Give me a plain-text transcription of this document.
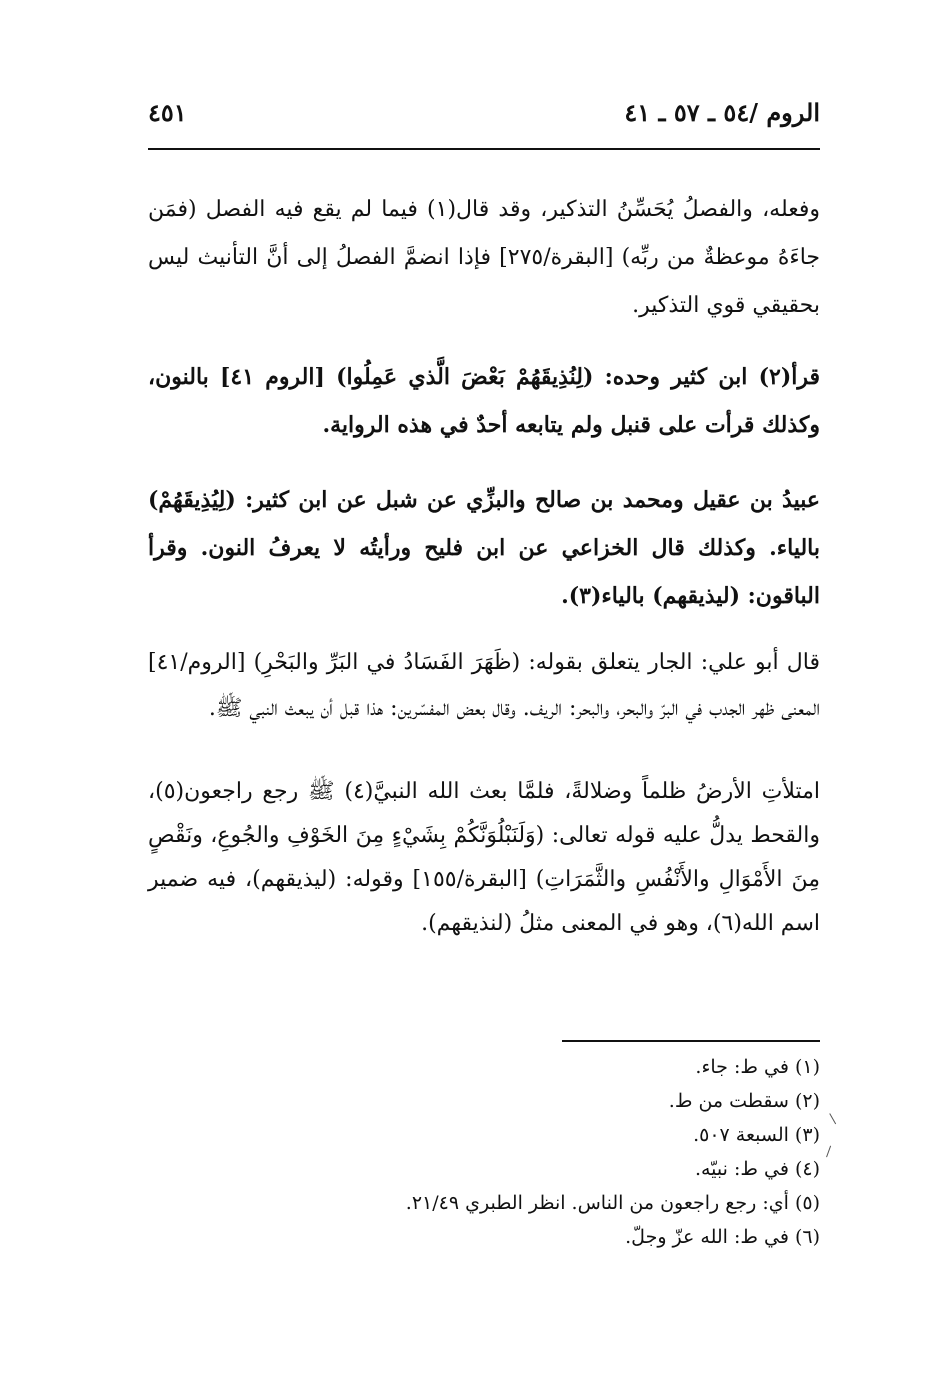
الروم /٥٤ ـ ٥٧ ـ ٤١
٤٥١
وفعله، والفصلُ يُحَسِّنُ التذكير، وقد قال(١) فيما لم يقع فيه الفصل (فمَن جاءَهُ موعظةٌ من ربِّه) [البقرة/٢٧٥] فإذا انضمَّ الفصلُ إلى أنَّ التأنيث ليس بحقيقي قوي التذكير.
قرأ(٢) ابن كثير وحده: (لِنُذِيقَهُمْ بَعْضَ الَّذي عَمِلُوا) [الروم ٤١] بالنون، وكذلك قرأت على قنبل ولم يتابعه أحدٌ في هذه الرواية.
عبيدُ بن عقيل ومحمد بن صالح والبزِّي عن شبل عن ابن كثير: (لِيُذِيقَهُمْ) بالياء. وكذلك قال الخزاعي عن ابن فليح ورأيتُه لا يعرفُ النون. وقرأ الباقون: (ليذيقهم) بالياء(٣).
قال أبو علي: الجار يتعلق بقوله: (ظَهَرَ الفَسَادُ في البَرِّ والبَحْرِ) [الروم/٤١] المعنى ظهر الجدب في البرّ والبحر، والبحر: الريف. وقال بعض المفسّرين: هذا قبل أن يبعث النبي ﷺ.
امتلأتِ الأرضُ ظلماً وضلالةً، فلمَّا بعث الله النبيَّ(٤) ﷺ رجع راجعون(٥)، والقحط يدلُّ عليه قوله تعالى: (وَلَنَبْلُوَنَّكُمْ بِشَيْءٍ مِنَ الخَوْفِ والجُوعِ، ونَقْصٍ مِنَ الأَمْوَالِ والأَنْفُسِ والثَّمَرَاتِ) [البقرة/١٥٥] وقوله: (ليذيقهم)، فيه ضمير اسم الله(٦)، وهو في المعنى مثلُ (لنذيقهم).
(١) في ط: جاء.
(٢) سقطت من ط.
(٣) السبعة ٥٠٧.
(٤) في ط: نبيّه.
(٥) أي: رجع راجعون من الناس. انظر الطبري ٢١/٤٩.
(٦) في ط: الله عزّ وجلّ.
